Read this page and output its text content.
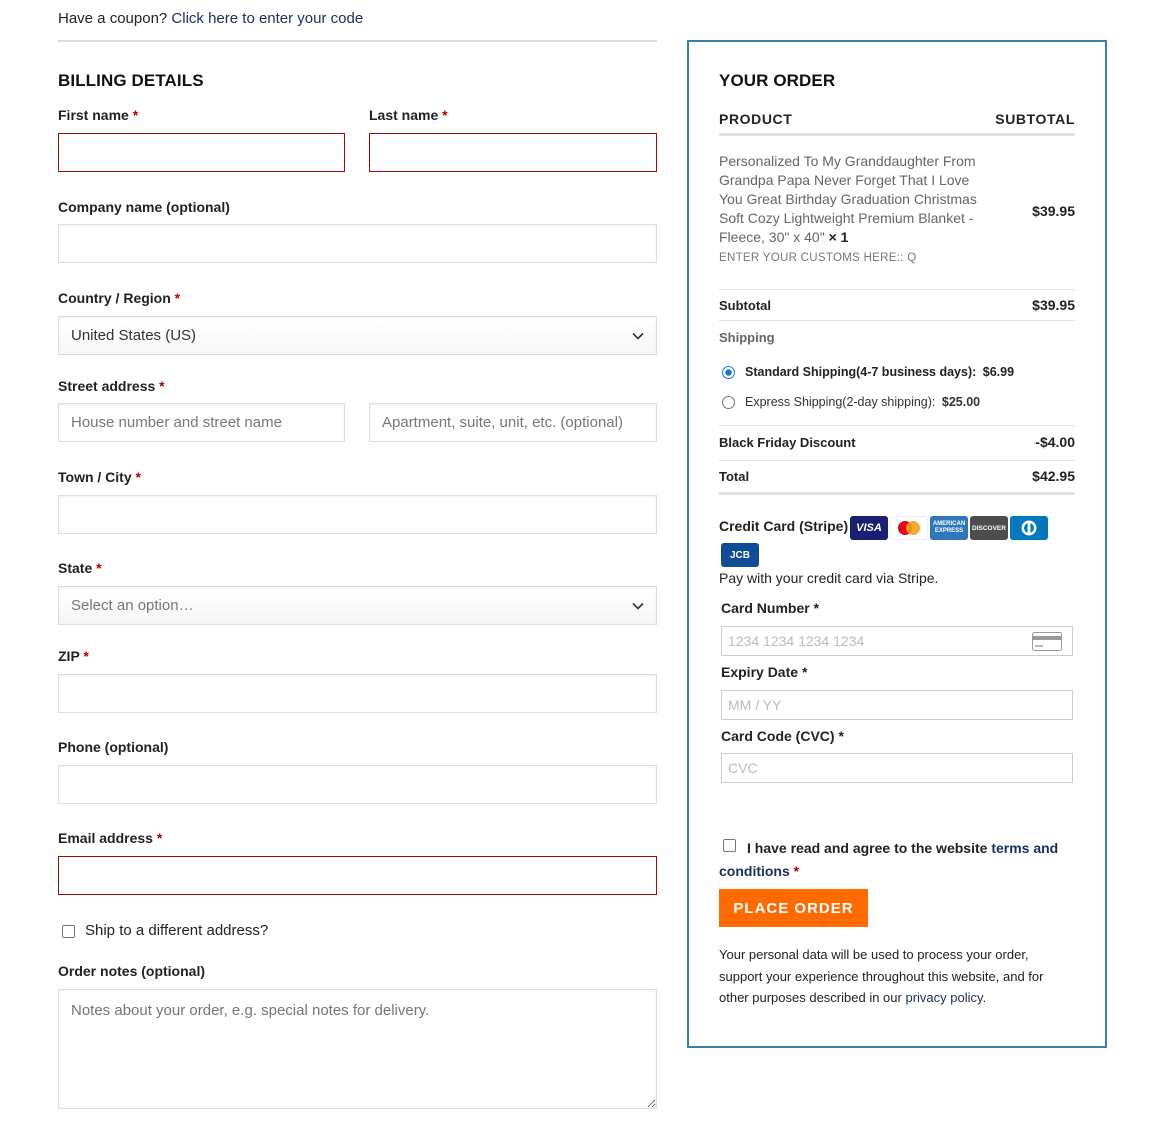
Have a coupon? Click here to enter your code
BILLING DETAILS
First name *	Last name *
Company name (optional)
Country / Region *
United States (US)
Street address *
House number and street name	Apartment, suite, unit, etc. (optional)
Town / City *
State *
Select an option…
ZIP *
Phone (optional)
Email address *
Ship to a different address?
Order notes (optional)
Notes about your order, e.g. special notes for delivery.
YOUR ORDER
PRODUCT	SUBTOTAL
Personalized To My Granddaughter From Grandpa Papa Never Forget That I Love You Great Birthday Graduation Christmas Soft Cozy Lightweight Premium Blanket - Fleece, 30" x 40" × 1
ENTER YOUR CUSTOMS HERE:: Q
$39.95
Subtotal	$39.95
Shipping
Standard Shipping(4-7 business days): $6.99
Express Shipping(2-day shipping): $25.00
Black Friday Discount	-$4.00
Total	$42.95
Credit Card (Stripe) VISA	AMERICAN EXPRESS	DISCOVER
JCB
Pay with your credit card via Stripe.
Card Number *
1234 1234 1234 1234
Expiry Date *
MM / YY
Card Code (CVC) *
CVC
I have read and agree to the website terms and conditions *
PLACE ORDER
Your personal data will be used to process your order, support your experience throughout this website, and for other purposes described in our privacy policy.
